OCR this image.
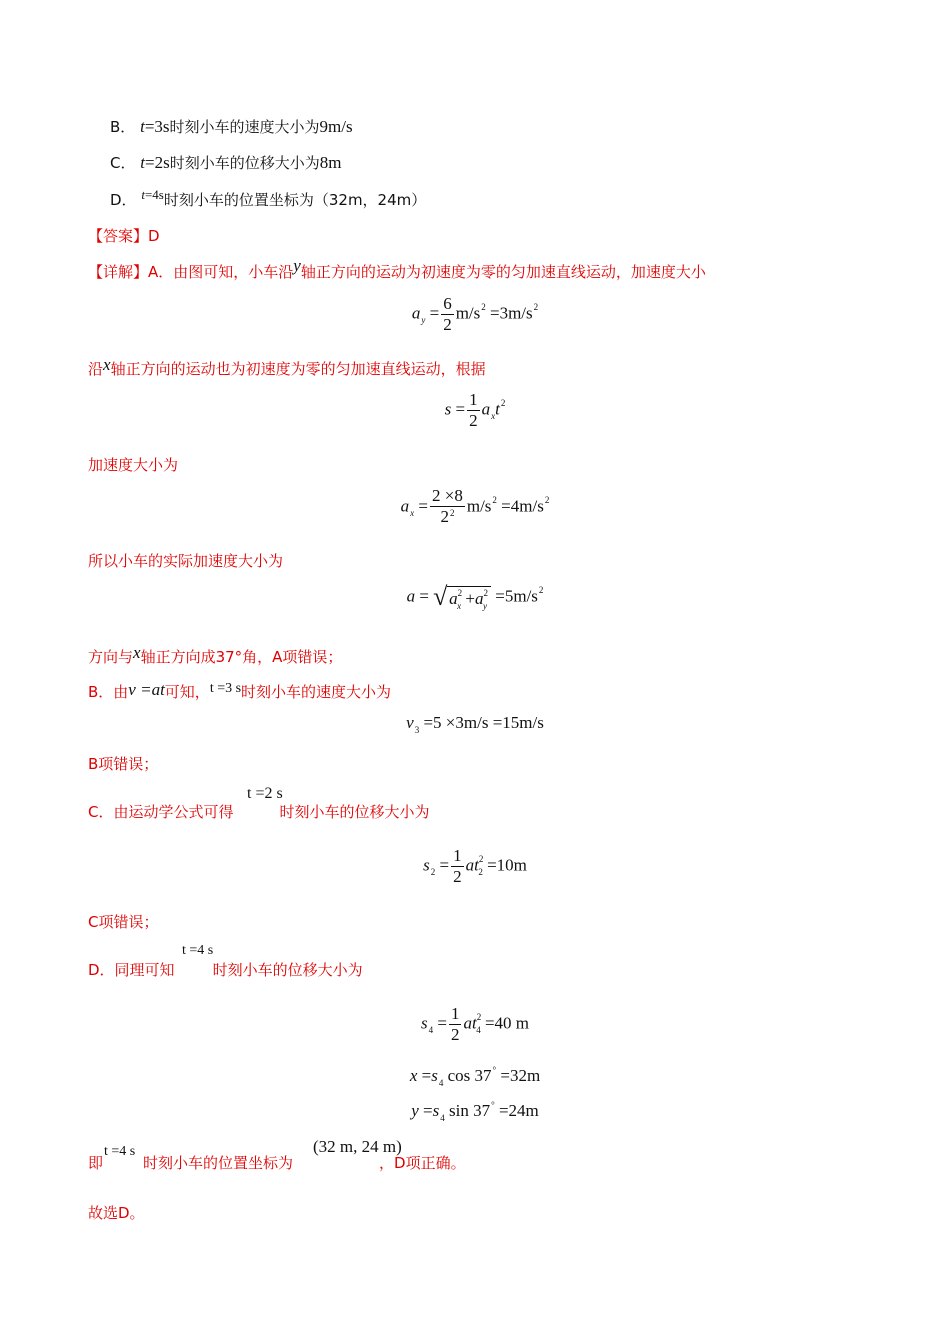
B． t=3s时刻小车的速度大小为9m/s
C． t=2s时刻小车的位移大小为8m
D． t=4s时刻小车的位置坐标为（32m，24m）
【答案】D
【详解】A．由图可知，小车沿y轴正方向的运动为初速度为零的匀加速直线运动，加速度大小
$a_y = \frac{6}{2} m/s^2 =3m/s^2$
沿x轴正方向的运动也为初速度为零的匀加速直线运动，根据
$s = \frac{1}{2} a_xt^2$
加速度大小为
$a_x = \frac{2 \times 8}{2^2} m/s^2 =4m/s^2$
所以小车的实际加速度大小为
a = √ $a^2_x +a^2_y =5m/s^2$
方向与x轴正方向成37°角，A项错误；
B．由v =at可知，t =3 s时刻小车的速度大小为
$v_3 =5 \times 3m/s =15m/s$
B项错误；
t =2 s
C．由运动学公式可得	时刻小车的位移大小为
$s_2 = \frac{1}{2} at^2_2 =10m$
C项错误；
t =4 s
D．同理可知	时刻小车的位移大小为
$s_4 = \frac{1}{2} at^2_4 =40$ m
$x =s_4$ cos 37° =32m
$y =s_4$ sin 37° =24m
t =4 s	(32 m, 24 m)
即	时刻小车的位置坐标为	，D项正确。
故选D。
